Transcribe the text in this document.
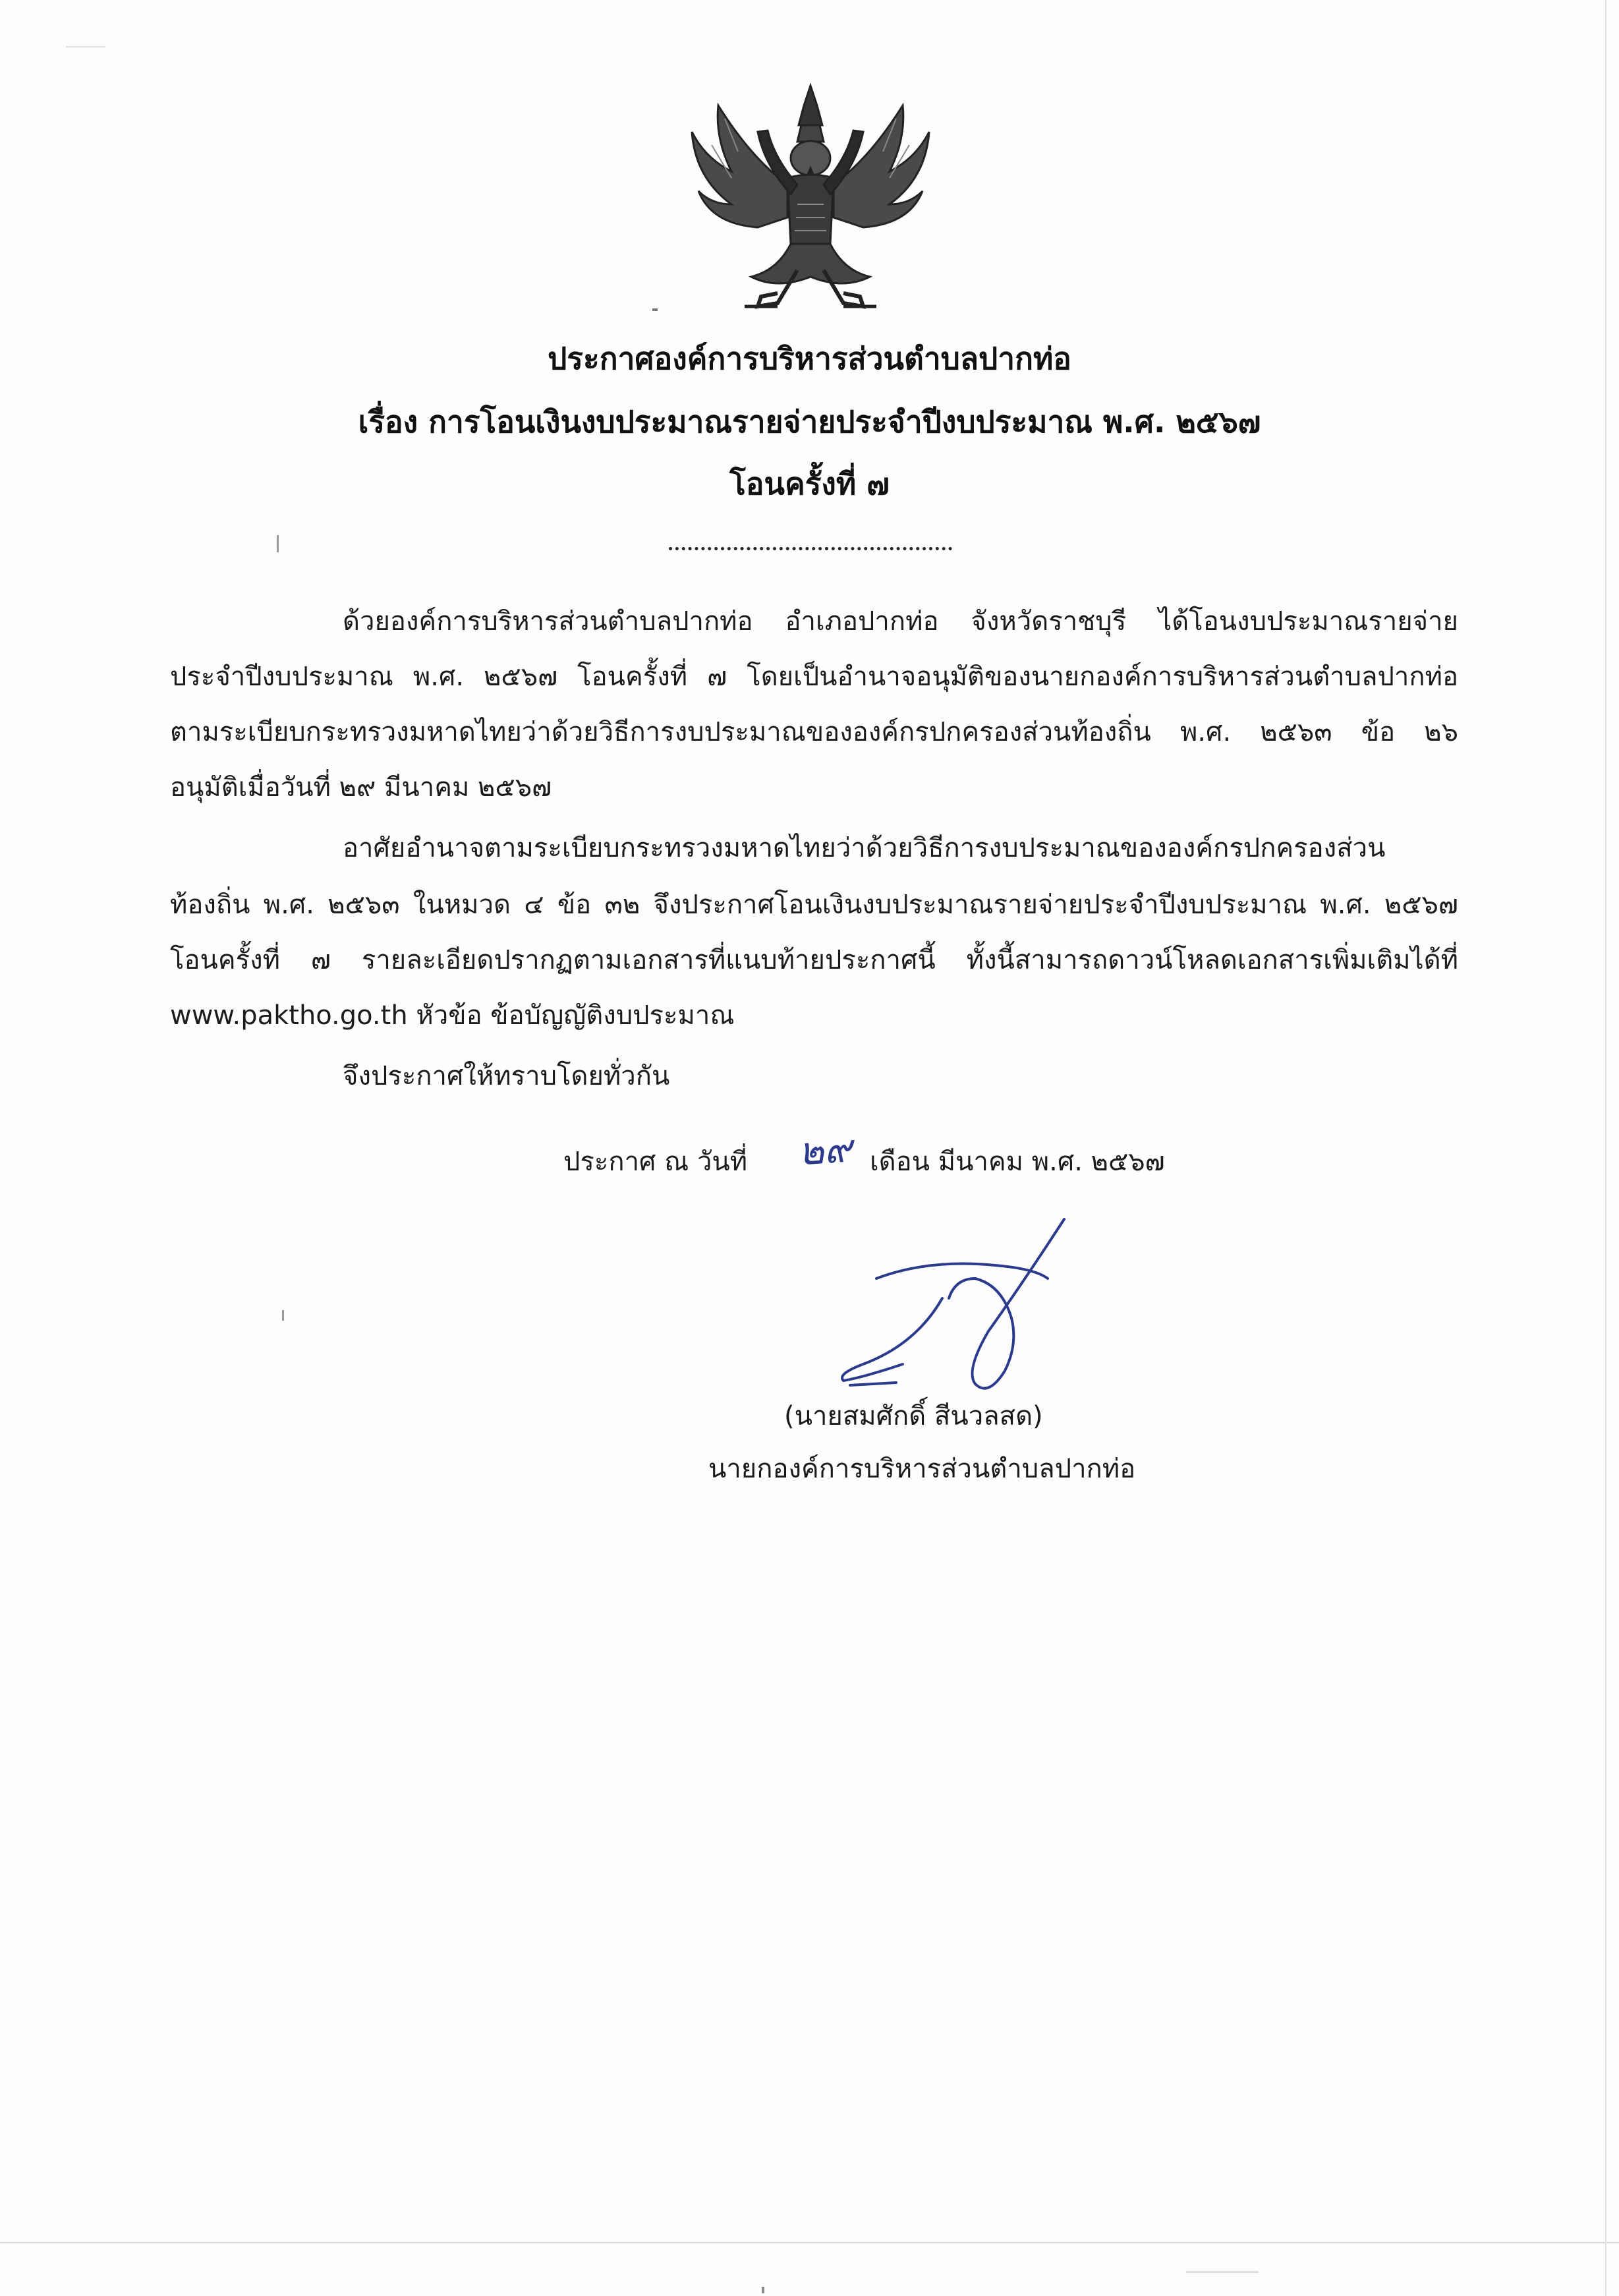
ประกาศองค์การบริหารส่วนตำบลปากท่อ
เรื่อง การโอนเงินงบประมาณรายจ่ายประจำปีงบประมาณ พ.ศ. ๒๕๖๗
โอนครั้งที่ ๗
ด้วยองค์การบริหารส่วนตำบลปากท่อ อำเภอปากท่อ จังหวัดราชบุรี ได้โอนงบประมาณรายจ่าย
ประจำปีงบประมาณ พ.ศ. ๒๕๖๗ โอนครั้งที่ ๗ โดยเป็นอำนาจอนุมัติของนายกองค์การบริหารส่วนตำบลปากท่อ
ตามระเบียบกระทรวงมหาดไทยว่าด้วยวิธีการงบประมาณขององค์กรปกครองส่วนท้องถิ่น พ.ศ. ๒๕๖๓ ข้อ ๒๖
อนุมัติเมื่อวันที่ ๒๙ มีนาคม ๒๕๖๗
อาศัยอำนาจตามระเบียบกระทรวงมหาดไทยว่าด้วยวิธีการงบประมาณขององค์กรปกครองส่วน
ท้องถิ่น พ.ศ. ๒๕๖๓ ในหมวด ๔ ข้อ ๓๒ จึงประกาศโอนเงินงบประมาณรายจ่ายประจำปีงบประมาณ พ.ศ. ๒๕๖๗
โอนครั้งที่ ๗ รายละเอียดปรากฏตามเอกสารที่แนบท้ายประกาศนี้ ทั้งนี้สามารถดาวน์โหลดเอกสารเพิ่มเติมได้ที่
www.paktho.go.th หัวข้อ ข้อบัญญัติงบประมาณ
จึงประกาศให้ทราบโดยทั่วกัน
ประกาศ ณ วันที่ ๒๙ เดือน มีนาคม พ.ศ. ๒๕๖๗
(นายสมศักดิ์ สีนวลสด)
นายกองค์การบริหารส่วนตำบลปากท่อ
